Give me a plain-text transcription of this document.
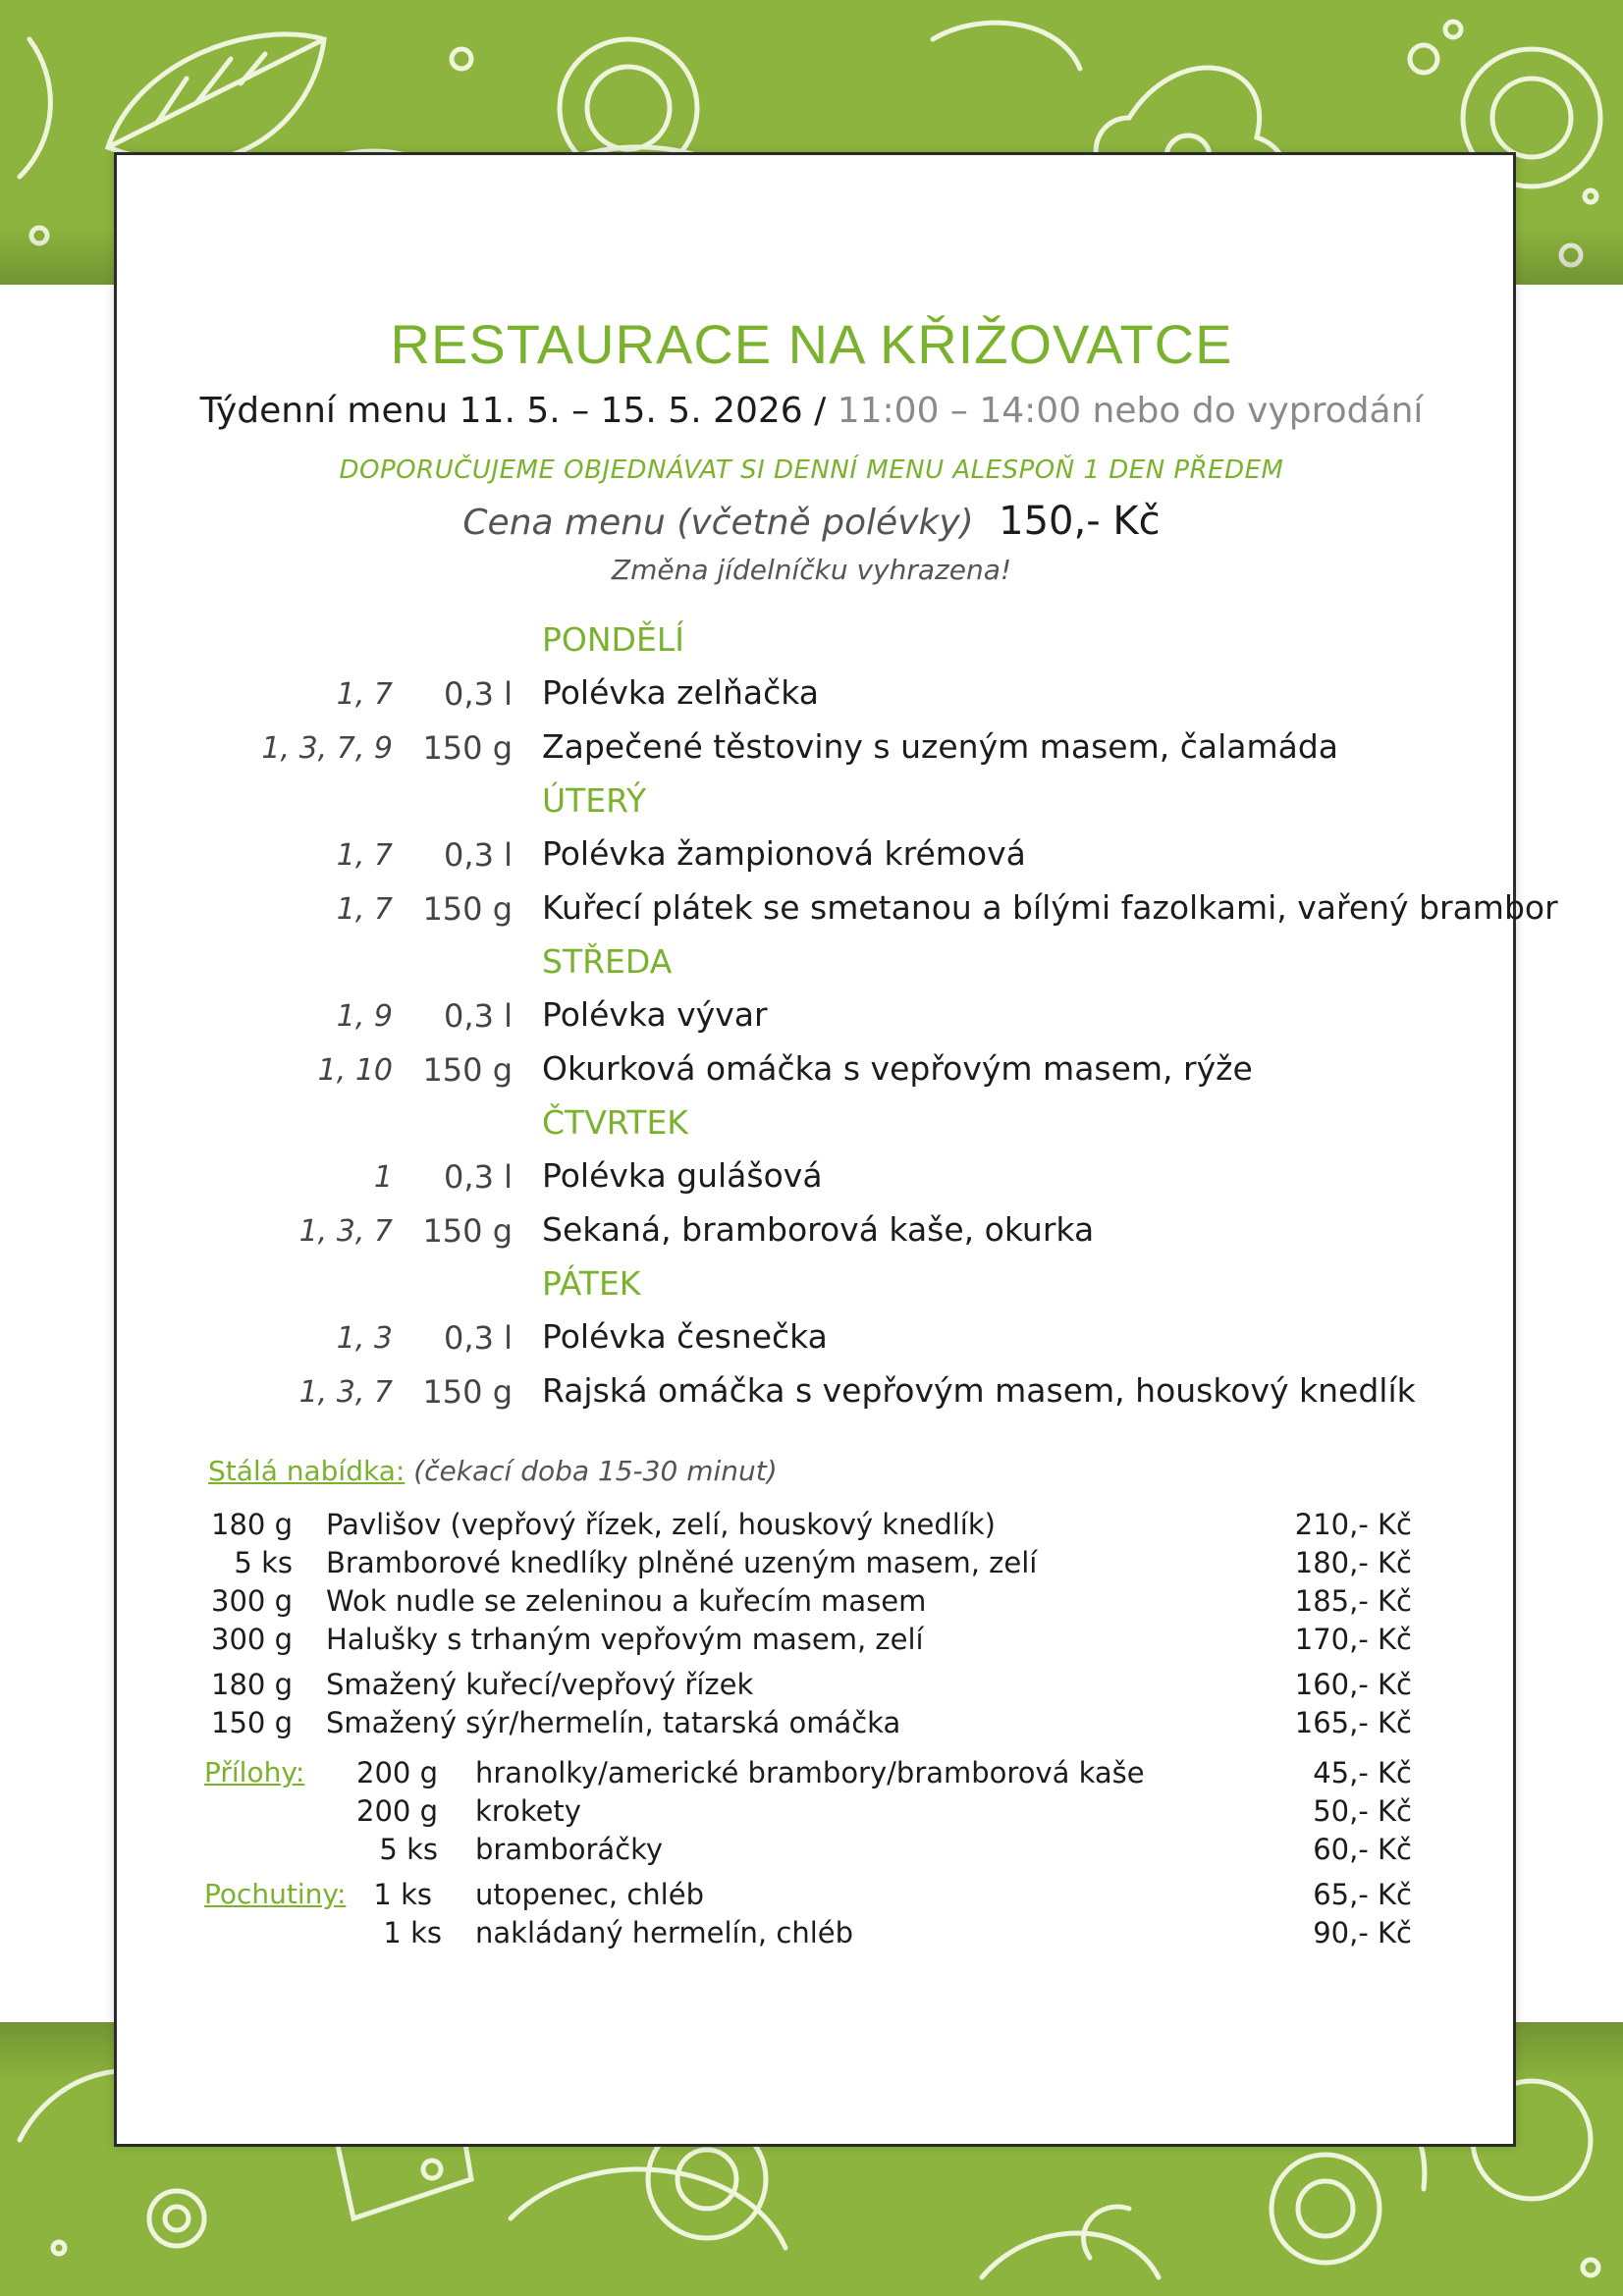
RESTAURACE NA KŘIŽOVATCE
Týdenní menu 11. 5. – 15. 5. 2026 / 11:00 – 14:00 nebo do vyprodání
DOPORUČUJEME OBJEDNÁVAT SI DENNÍ MENU ALESPOŇ 1 DEN PŘEDEM
Cena menu (včetně polévky) 150,- Kč
Změna jídelníčku vyhrazena!
PONDĚLÍ
1, 7	0,3 l Polévka zelňačka
1, 3, 7, 9 150 g Zapečené těstoviny s uzeným masem, čalamáda
ÚTERÝ
1, 7	0,3 l Polévka žampionová krémová
1, 7 150 g Kuřecí plátek se smetanou a bílými fazolkami, vařený brambor
STŘEDA
1, 9	0,3 l Polévka vývar
1, 10 150 g Okurková omáčka s vepřovým masem, rýže
ČTVRTEK
1	0,3 l Polévka gulášová
1, 3, 7 150 g Sekaná, bramborová kaše, okurka
PÁTEK
1, 3	0,3 l Polévka česnečka
1, 3, 7 150 g Rajská omáčka s vepřovým masem, houskový knedlík
Stálá nabídka: (čekací doba 15-30 minut)
180 g Pavlišov (vepřový řízek, zelí, houskový knedlík)	210,- Kč
5 ks Bramborové knedlíky plněné uzeným masem, zelí	180,- Kč
300 g Wok nudle se zeleninou a kuřecím masem	185,- Kč
300 g Halušky s trhaným vepřovým masem, zelí	170,- Kč
180 g Smažený kuřecí/vepřový řízek	160,- Kč
150 g Smažený sýr/hermelín, tatarská omáčka	165,- Kč
Přílohy:	200 g hranolky/americké brambory/bramborová kaše	45,- Kč
200 g krokety	50,- Kč
5 ks bramboráčky	60,- Kč
Pochutiny: 1 ks utopenec, chléb	65,- Kč
1 ks nakládaný hermelín, chléb	90,- Kč
